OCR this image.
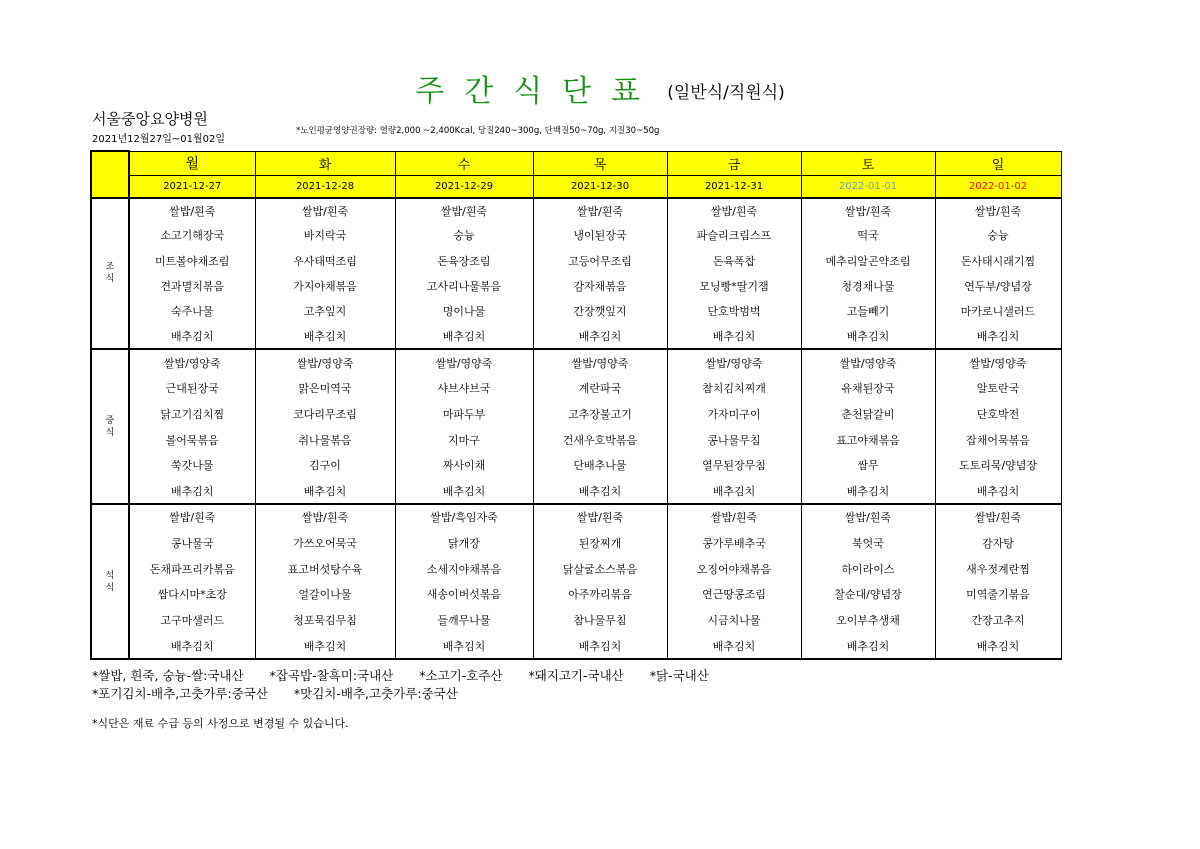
주간식단표 (일반식/직원식)
서울중앙요양병원
2021년12월27일~01월02일
*노인평균영양권장량: 열량2,000 ~2,400Kcal, 당질240~300g, 단백질50~70g, 지질30~50g
	월	화	수	목	금	토	일
	2021-12-27	2021-12-28	2021-12-29	2021-12-30	2021-12-31	2022-01-01	2022-01-02

조
식	쌀밥/흰죽	쌀밥/흰죽	쌀밥/흰죽	쌀밥/흰죽	쌀밥/흰죽	쌀밥/흰죽	쌀밥/흰죽
	소고기해장국	바지락국	숭늉	냉이된장국	파슬리크림스프	떡국	숭늉
	미트볼야채조림	우사태떡조림	돈육장조림	고등어무조림	돈육폭찹	메추리알곤약조림	돈사태시래기찜
	견과멸치볶음	가지야채볶음	고사리나물볶음	감자채볶음	모닝빵*딸기잼	청경채나물	연두부/양념장
	숙주나물	고추잎지	명이나물	간장깻잎지	단호박범벅	고들빼기	마카로니샐러드
	배추김치	배추김치	배추김치	배추김치	배추김치	배추김치	배추김치

중
식	쌀밥/영양죽	쌀밥/영양죽	쌀밥/영양죽	쌀밥/영양죽	쌀밥/영양죽	쌀밥/영양죽	쌀밥/영양죽
	근대된장국	맑은미역국	샤브샤브국	계란파국	참치김치찌개	유채된장국	알토란국
	닭고기김치찜	코다리무조림	마파두부	고추장불고기	가자미구이	춘천닭갈비	단호박전
	볼어묵볶음	취나물볶음	지마구	건새우호박볶음	콩나물무침	표고야채볶음	잡채어묵볶음
	쑥갓나물	김구이	짜사이채	단배추나물	열무된장무침	쌈무	도토리묵/양념장
	배추김치	배추김치	배추김치	배추김치	배추김치	배추김치	배추김치

석
식	쌀밥/흰죽	쌀밥/흰죽	쌀밥/흑임자죽	쌀밥/흰죽	쌀밥/흰죽	쌀밥/흰죽	쌀밥/흰죽
	콩나물국	가쓰오어묵국	닭개장	된장찌개	콩가루배추국	북엇국	감자탕
	돈채파프리카볶음	표고버섯탕수육	소세지야채볶음	닭살굴소스볶음	오징어야채볶음	하이라이스	새우젓계란찜
	쌈다시마*초장	얼갈이나물	새송이버섯볶음	아주까리볶음	연근땅콩조림	찰순대/양념장	미역줄기볶음
	고구마샐러드	청포묵김무침	들깨무나물	참나물무침	시금치나물	오이부추생채	간장고추지
	배추김치	배추김치	배추김치	배추김치	배추김치	배추김치	배추김치
*쌀밥, 흰죽, 숭늉-쌀:국내산 *잡곡밥-찰흑미:국내산 *소고기-호주산 *돼지고기-국내산 *닭-국내산
*포기김치-배추,고춧가루:중국산 *맛김치-배추,고춧가루:중국산
*식단은 재료 수급 등의 사정으로 변경될 수 있습니다.
